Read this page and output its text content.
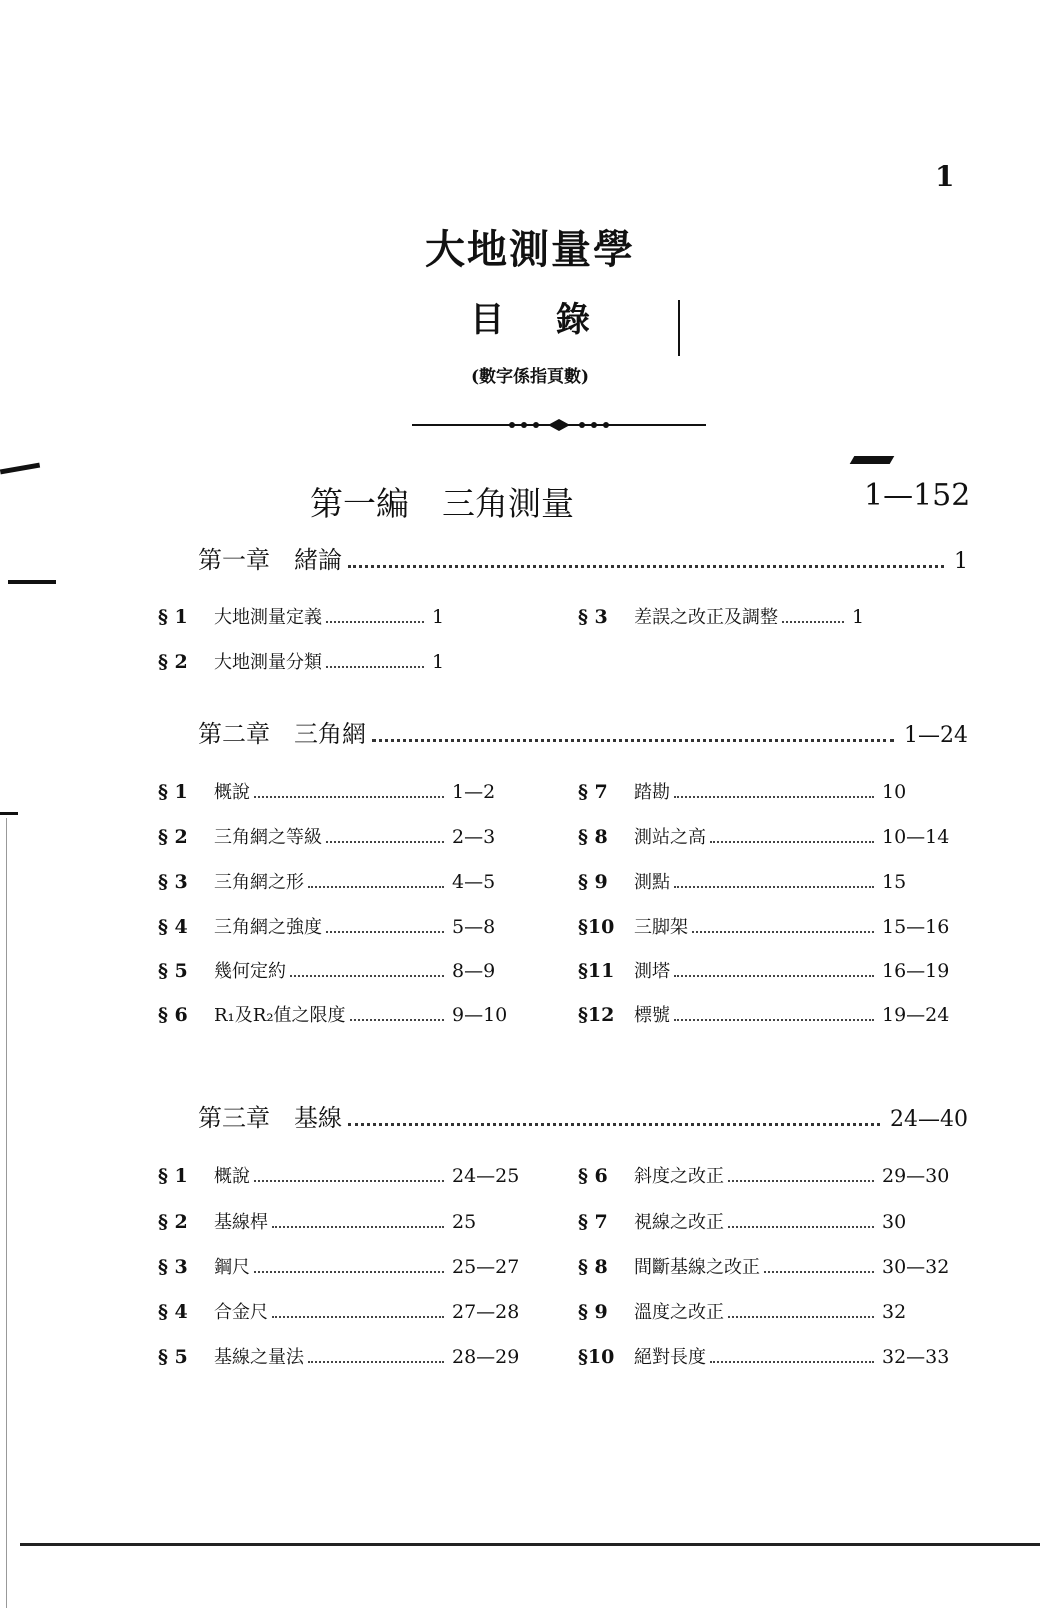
1
大地測量學
目 錄
(數字係指頁數)
第一編　三角測量	1—152
第一章　緒論	1
§ 1	大地測量定義	1
§ 2	大地測量分類	1
§ 3	差誤之改正及調整	1
第二章　三角網	1—24
§ 1	概說	1—2
§ 2	三角網之等級	2—3
§ 3	三角網之形	4—5
§ 4	三角網之強度	5—8
§ 5	幾何定約	8—9
§ 6	R₁及R₂值之限度	9—10
§ 7	踏勘	10
§ 8	測站之高	10—14
§ 9	測點	15
§10	三脚架	15—16
§11	測塔	16—19
§12	標號	19—24
第三章　基線	24—40
§ 1	概說	24—25
§ 2	基線桿	25
§ 3	鋼尺	25—27
§ 4	合金尺	27—28
§ 5	基線之量法	28—29
§ 6	斜度之改正	29—30
§ 7	視線之改正	30
§ 8	間斷基線之改正	30—32
§ 9	溫度之改正	32
§10	絕對長度	32—33
